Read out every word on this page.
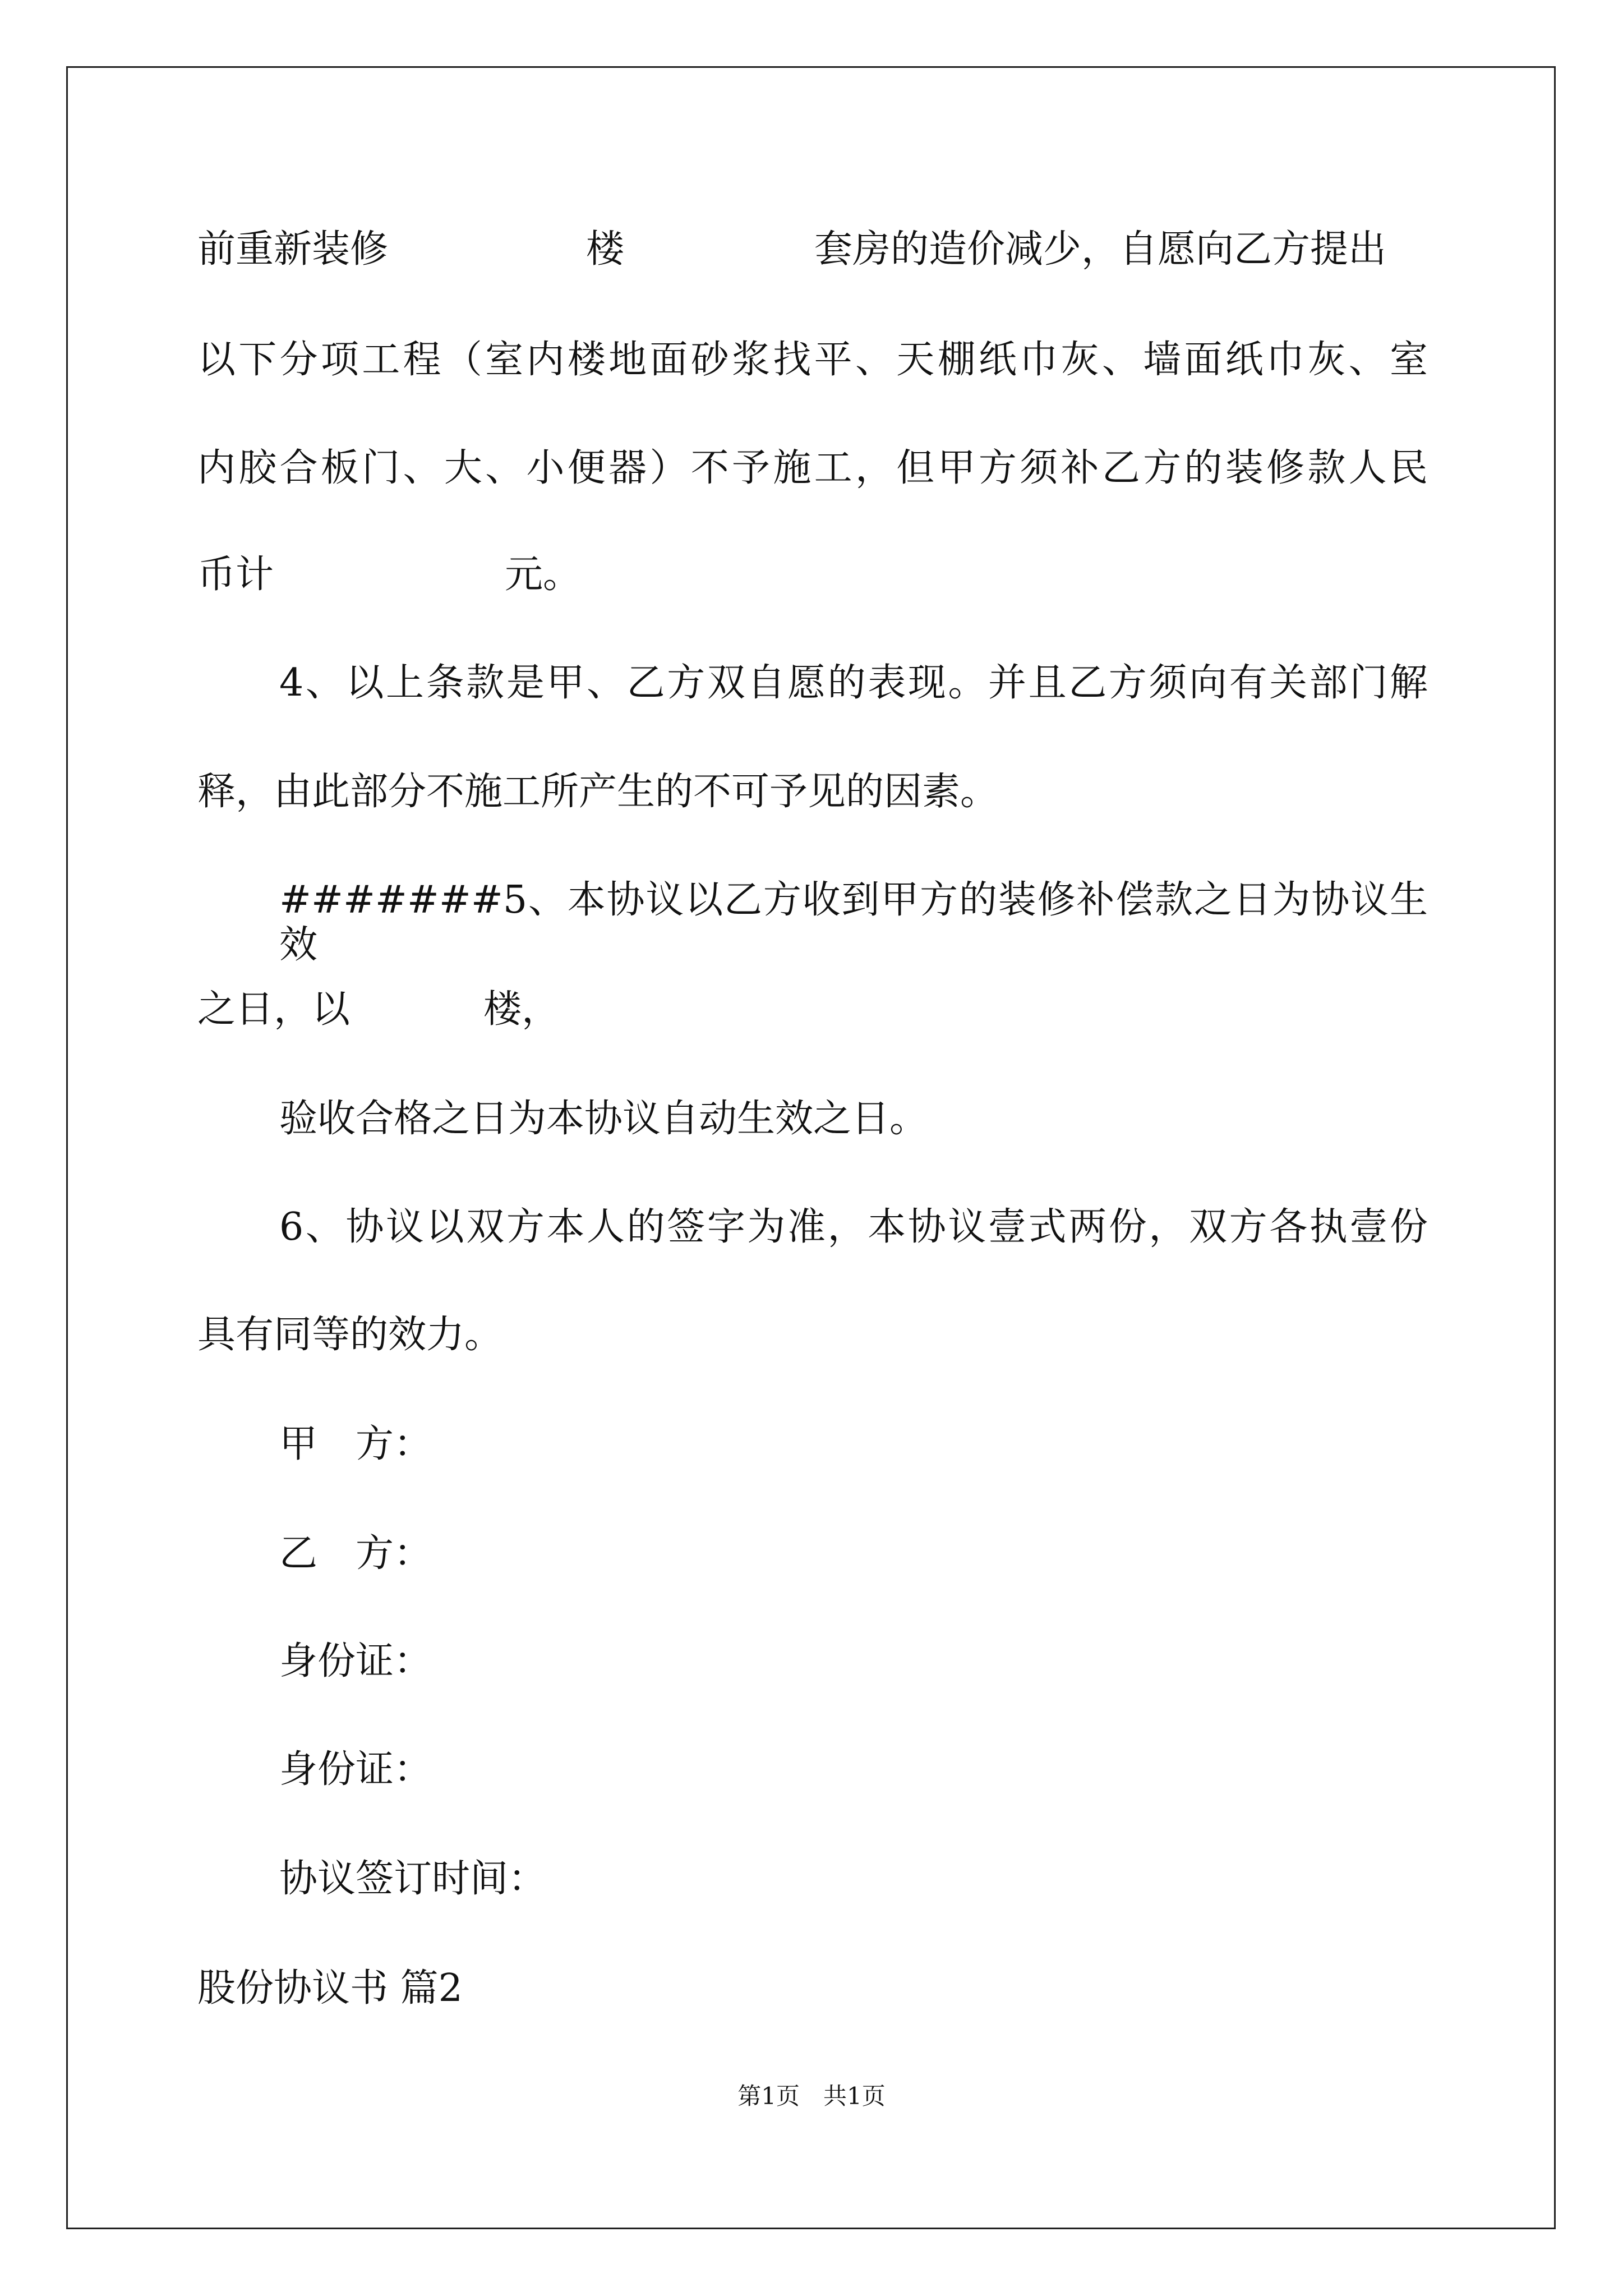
前重新装修	楼	套房的造价减少，自愿向乙方提出
以下分项工程（室内楼地面砂浆找平、天棚纸巾灰、墙面纸巾灰、室
内胶合板门、大、小便器）不予施工，但甲方须补乙方的装修款人民
币计	元。
4、以上条款是甲、乙方双自愿的表现。并且乙方须向有关部门解
释，由此部分不施工所产生的不可予见的因素。
#######5、本协议以乙方收到甲方的装修补偿款之日为协议生效
之日，以	楼，
验收合格之日为本协议自动生效之日。
6、协议以双方本人的签字为准，本协议壹式两份，双方各执壹份
具有同等的效力。
甲　方：
乙　方：
身份证：
身份证：
协议签订时间：
股份协议书 篇2
第1页　共1页
